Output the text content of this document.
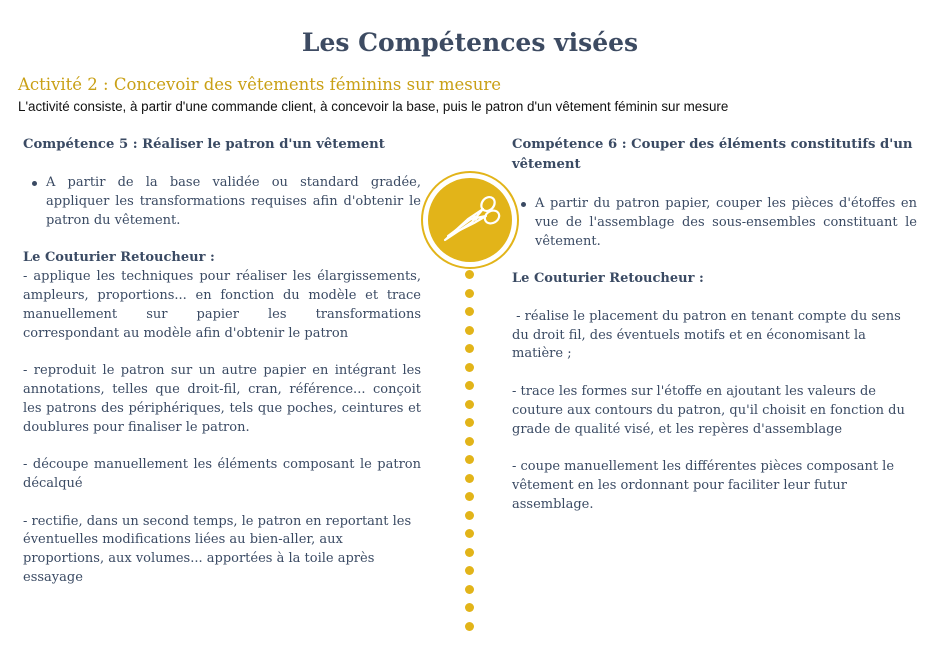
Les Compétences visées

Activité 2 : Concevoir des vêtements féminins sur mesure

L'activité consiste, à partir d'une commande client, à concevoir la base, puis le patron d'un vêtement féminin sur mesure

Compétence 5 : Réaliser le patron d'un vêtement

A partir de la base validée ou standard gradée, appliquer les transformations requises afin d'obtenir le patron du vêtement.

Le Couturier Retoucheur :

- applique les techniques pour réaliser les élargissements, ampleurs, proportions... en fonction du modèle et trace manuellement sur papier les transformations correspondant au modèle afin d'obtenir le patron

- reproduit le patron sur un autre papier en intégrant les annotations, telles que droit-fil, cran, référence... conçoit les patrons des périphériques, tels que poches, ceintures et doublures pour finaliser le patron.

- découpe manuellement les éléments composant le patron décalqué

- rectifie, dans un second temps, le patron en reportant les éventuelles modifications liées au bien-aller, aux proportions, aux volumes... apportées à la toile après essayage

Compétence 6 : Couper des éléments constitutifs d'un vêtement

A partir du patron papier, couper les pièces d'étoffes en vue de l'assemblage des sous-ensembles constituant le vêtement.

Le Couturier Retoucheur :

- réalise le placement du patron en tenant compte du sens du droit fil, des éventuels motifs et en économisant la matière ;

- trace les formes sur l'étoffe en ajoutant les valeurs de couture aux contours du patron, qu'il choisit en fonction du grade de qualité visé, et les repères d'assemblage

- coupe manuellement les différentes pièces composant le vêtement en les ordonnant pour faciliter leur futur assemblage.
